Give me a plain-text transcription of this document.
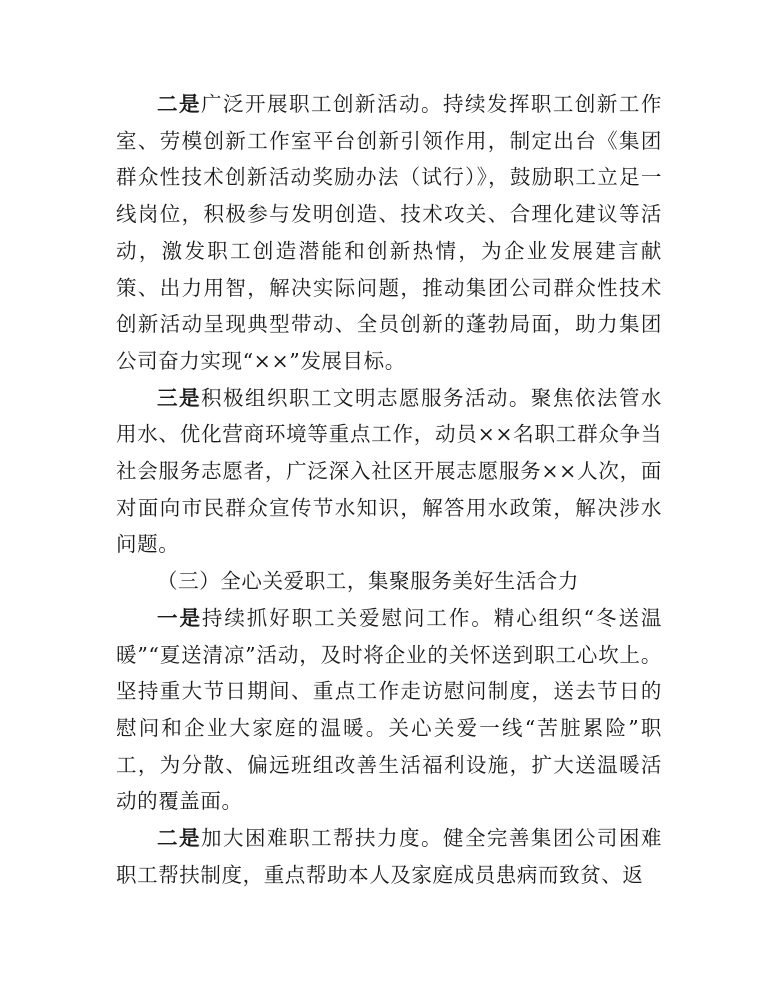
二是广泛开展职工创新活动。持续发挥职工创新工作室、劳模创新工作室平台创新引领作用，制定出台《集团群众性技术创新活动奖励办法（试行）》，鼓励职工立足一线岗位，积极参与发明创造、技术攻关、合理化建议等活动，激发职工创造潜能和创新热情，为企业发展建言献策、出力用智，解决实际问题，推动集团公司群众性技术创新活动呈现典型带动、全员创新的蓬勃局面，助力集团公司奋力实现“××”发展目标。

三是积极组织职工文明志愿服务活动。聚焦依法管水用水、优化营商环境等重点工作，动员××名职工群众争当社会服务志愿者，广泛深入社区开展志愿服务××人次，面对面向市民群众宣传节水知识，解答用水政策，解决涉水问题。

（三）全心关爱职工，集聚服务美好生活合力

一是持续抓好职工关爱慰问工作。精心组织“冬送温暖”“夏送清凉”活动，及时将企业的关怀送到职工心坎上。坚持重大节日期间、重点工作走访慰问制度，送去节日的慰问和企业大家庭的温暖。关心关爱一线“苦脏累险”职工，为分散、偏远班组改善生活福利设施，扩大送温暖活动的覆盖面。

二是加大困难职工帮扶力度。健全完善集团公司困难职工帮扶制度，重点帮助本人及家庭成员患病而致贫、返
